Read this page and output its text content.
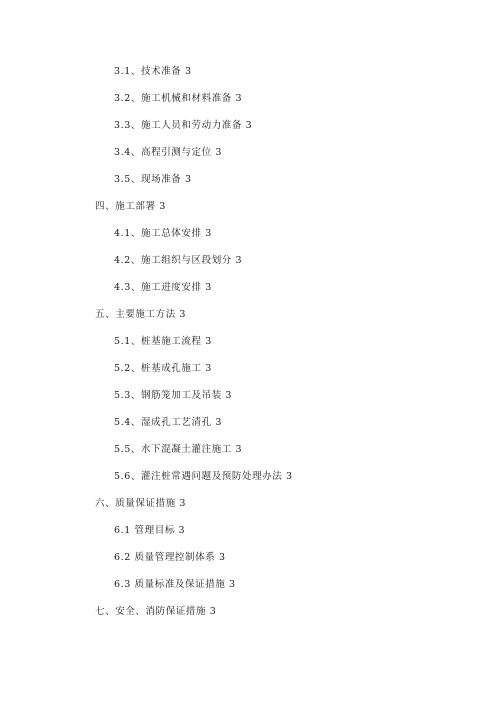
3.1、技术准备 3
3.2、施工机械和材料准备 3
3.3、施工人员和劳动力准备 3
3.4、高程引测与定位 3
3.5、现场准备 3
四、施工部署 3
4.1、施工总体安排 3
4.2、施工组织与区段划分 3
4.3、施工进度安排 3
五、主要施工方法 3
5.1、桩基施工流程 3
5.2、桩基成孔施工 3
5.3、钢筋笼加工及吊装 3
5.4、湿成孔工艺清孔 3
5.5、水下混凝土灌注施工 3
5.6、灌注桩常遇问题及预防处理办法 3
六、质量保证措施 3
6.1 管理目标 3
6.2 质量管理控制体系 3
6.3 质量标准及保证措施 3
七、安全、消防保证措施 3
